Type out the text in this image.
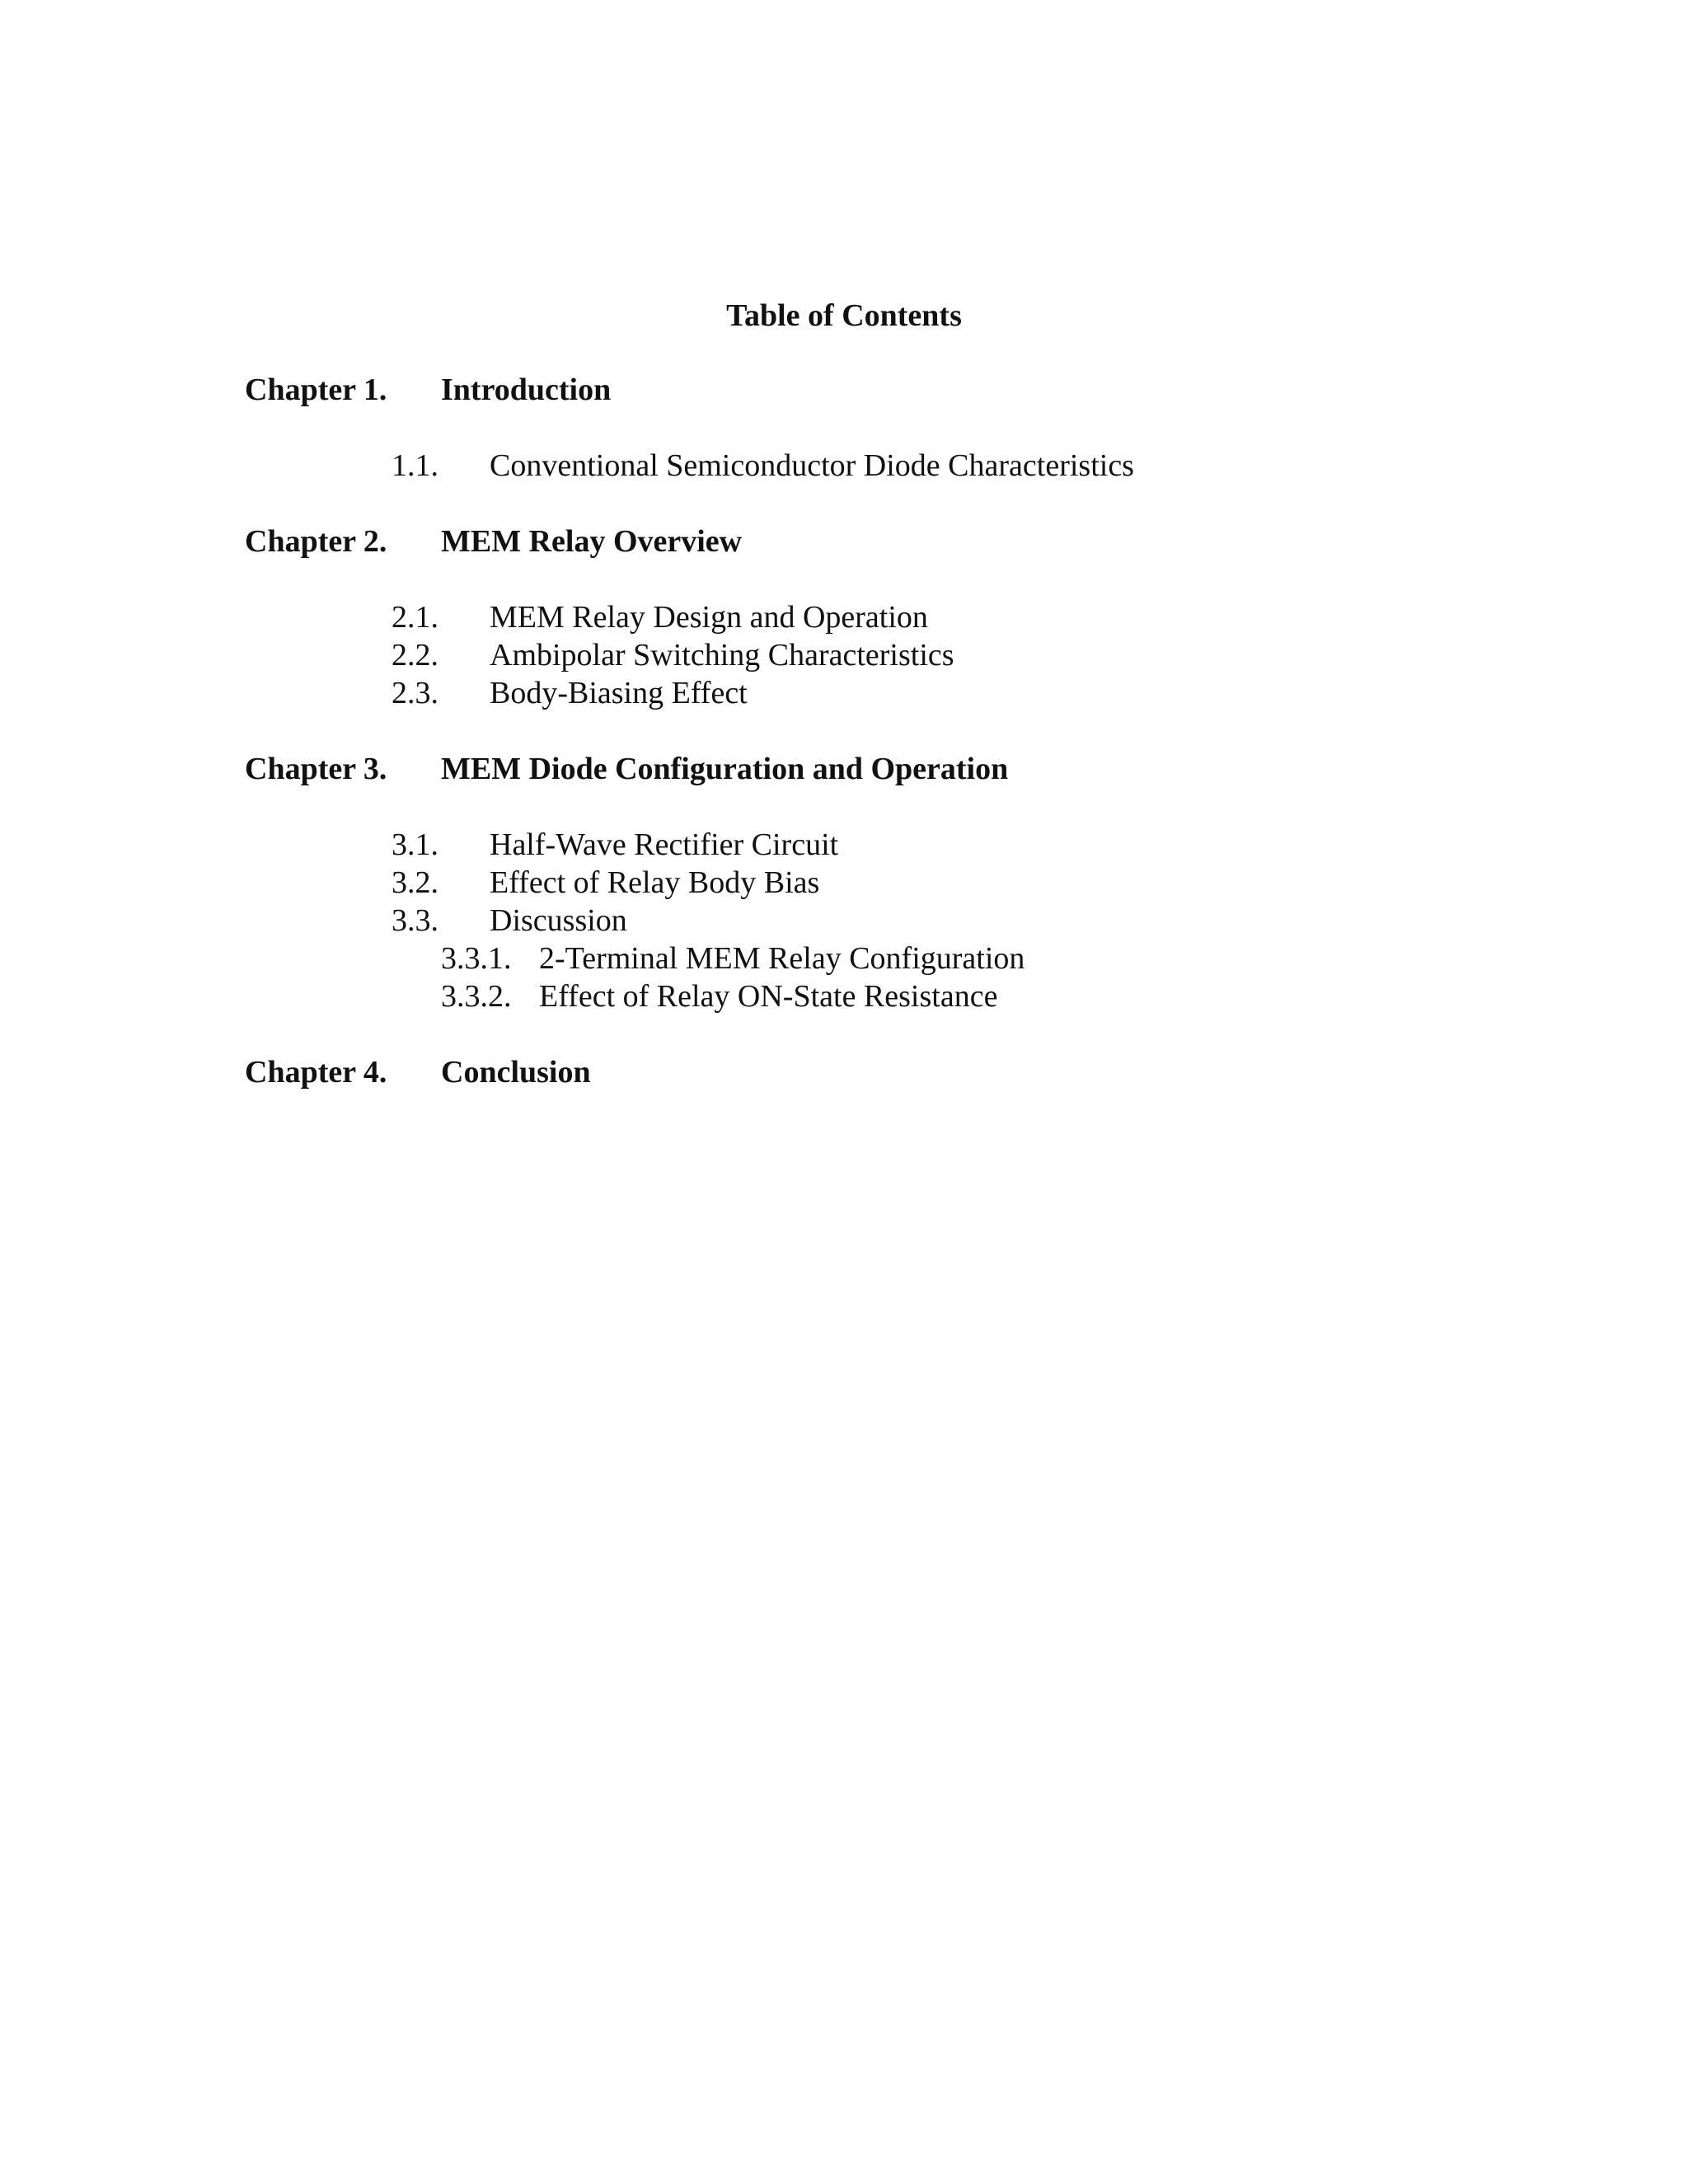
Table of Contents
Chapter 1. Introduction
1.1. Conventional Semiconductor Diode Characteristics
Chapter 2. MEM Relay Overview
2.1. MEM Relay Design and Operation
2.2. Ambipolar Switching Characteristics
2.3. Body-Biasing Effect
Chapter 3. MEM Diode Configuration and Operation
3.1. Half-Wave Rectifier Circuit
3.2. Effect of Relay Body Bias
3.3. Discussion
3.3.1. 2-Terminal MEM Relay Configuration
3.3.2. Effect of Relay ON-State Resistance
Chapter 4. Conclusion
